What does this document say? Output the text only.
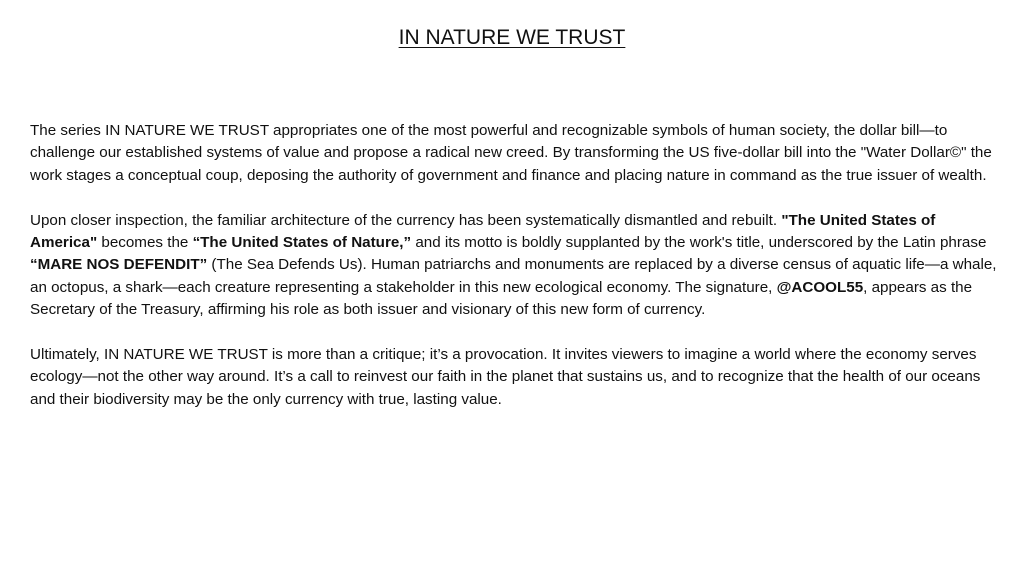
IN NATURE WE TRUST

The series IN NATURE WE TRUST appropriates one of the most powerful and recognizable symbols of human society, the dollar bill—to challenge our established systems of value and propose a radical new creed. By transforming the US five-dollar bill into the "Water Dollar©" the work stages a conceptual coup, deposing the authority of government and finance and placing nature in command as the true issuer of wealth.

Upon closer inspection, the familiar architecture of the currency has been systematically dismantled and rebuilt. "The United States of America" becomes the “The United States of Nature,” and its motto is boldly supplanted by the work's title, underscored by the Latin phrase “MARE NOS DEFENDIT” (The Sea Defends Us). Human patriarchs and monuments are replaced by a diverse census of aquatic life—a whale, an octopus, a shark—each creature representing a stakeholder in this new ecological economy. The signature, @ACOOL55, appears as the Secretary of the Treasury, affirming his role as both issuer and visionary of this new form of currency.

Ultimately, IN NATURE WE TRUST is more than a critique; it’s a provocation. It invites viewers to imagine a world where the economy serves ecology—not the other way around. It’s a call to reinvest our faith in the planet that sustains us, and to recognize that the health of our oceans and their biodiversity may be the only currency with true, lasting value.
